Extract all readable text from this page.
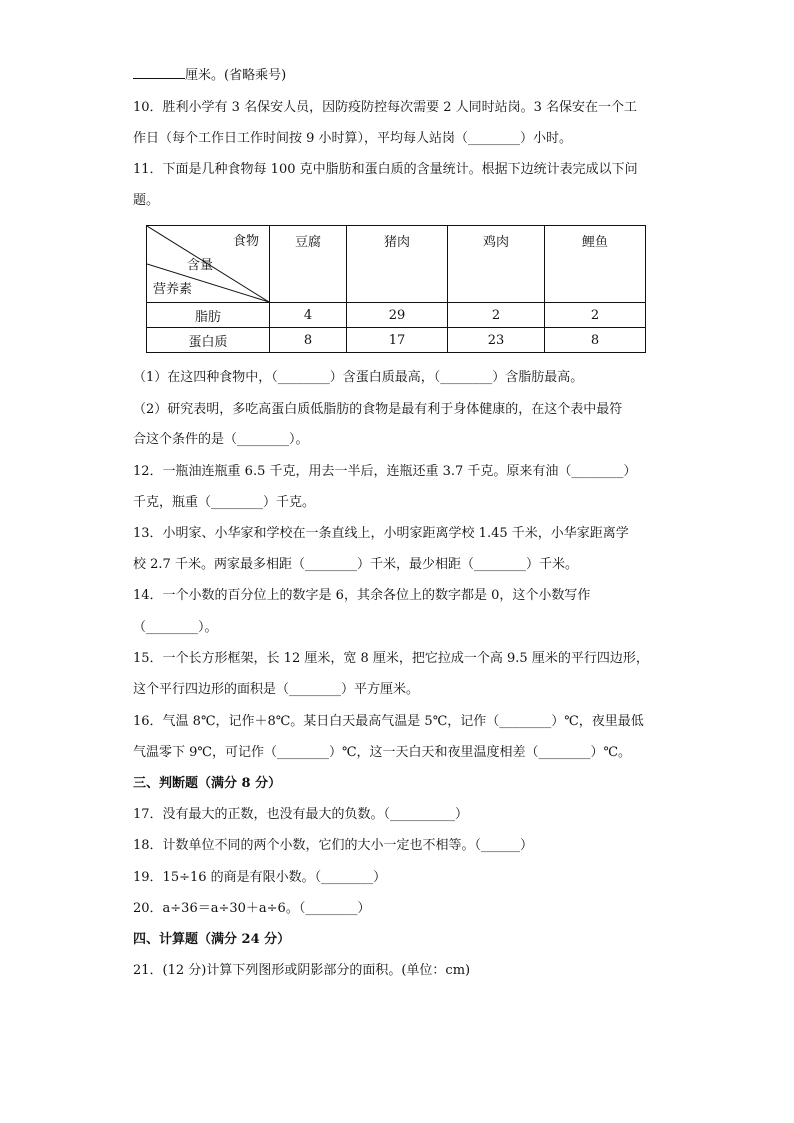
厘米。(省略乘号)
10．胜利小学有 3 名保安人员，因防疫防控每次需要 2 人同时站岗。3 名保安在一个工
作日（每个工作日工作时间按 9 小时算），平均每人站岗（________）小时。
11．下面是几种食物每 100 克中脂肪和蛋白质的含量统计。根据下边统计表完成以下问
题。
食物
含量
营养素	豆腐	猪肉	鸡肉	鲤鱼
脂肪	4	29	2	2
蛋白质	8	17	23	8
（1）在这四种食物中，（________）含蛋白质最高，（________）含脂肪最高。
（2）研究表明，多吃高蛋白质低脂肪的食物是最有利于身体健康的，在这个表中最符
合这个条件的是（________）。
12．一瓶油连瓶重 6.5 千克，用去一半后，连瓶还重 3.7 千克。原来有油（________）
千克，瓶重（________）千克。
13．小明家、小华家和学校在一条直线上，小明家距离学校 1.45 千米，小华家距离学
校 2.7 千米。两家最多相距（________）千米，最少相距（________）千米。
14．一个小数的百分位上的数字是 6，其余各位上的数字都是 0，这个小数写作
（________）。
15．一个长方形框架，长 12 厘米，宽 8 厘米，把它拉成一个高 9.5 厘米的平行四边形，
这个平行四边形的面积是（________）平方厘米。
16．气温 8℃，记作＋8℃。某日白天最高气温是 5℃，记作（________）℃，夜里最低
气温零下 9℃，可记作（________）℃，这一天白天和夜里温度相差（________）℃。
三、判断题（满分 8 分）
17．没有最大的正数，也没有最大的负数。（__________）
18．计数单位不同的两个小数，它们的大小一定也不相等。（______）
19．15÷16 的商是有限小数。（________）
20．a÷36＝a÷30＋a÷6。（________）
四、计算题（满分 24 分）
21．(12 分)计算下列图形或阴影部分的面积。(单位：cm)
